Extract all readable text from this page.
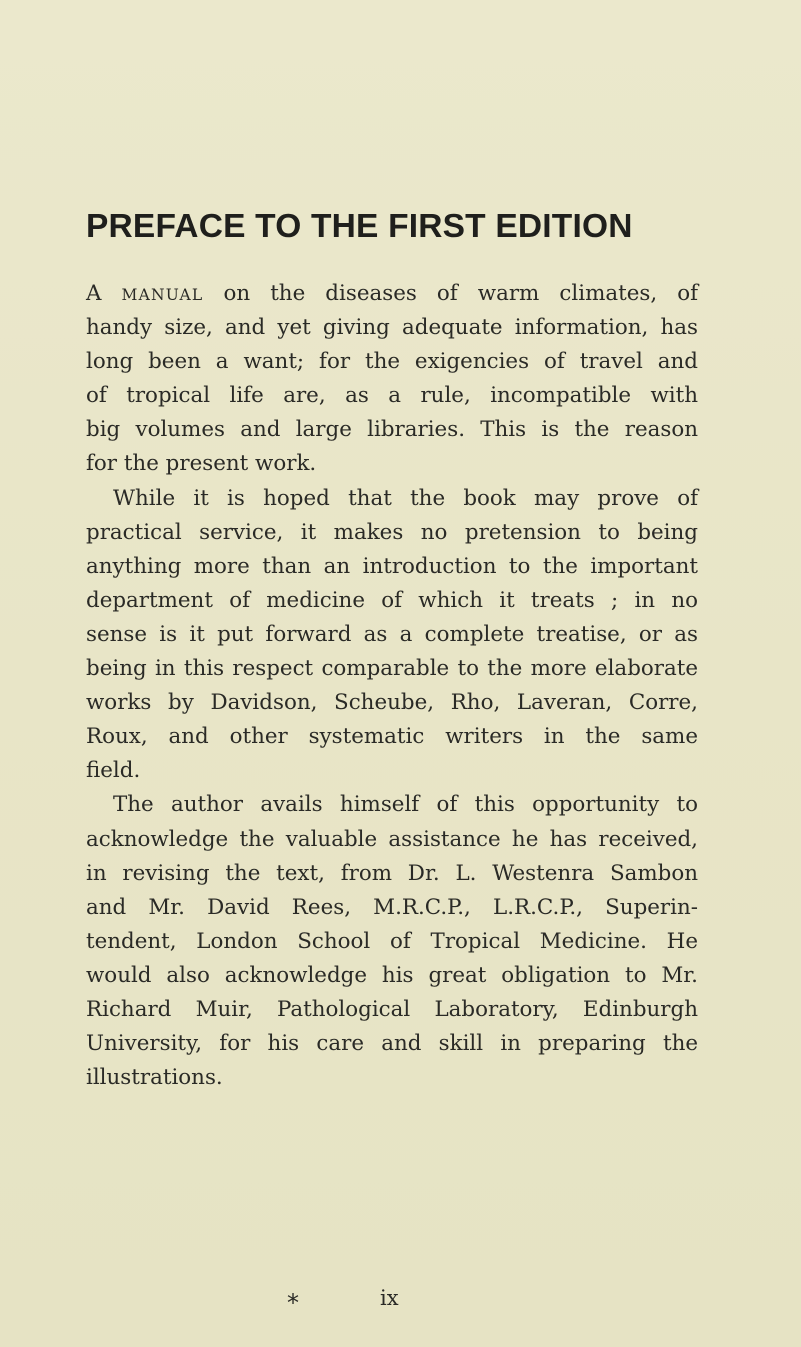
PREFACE TO THE FIRST EDITION
A MANUAL on the diseases of warm climates, of
handy size, and yet giving adequate information, has
long been a want; for the exigencies of travel and
of tropical life are, as a rule, incompatible with
big volumes and large libraries. This is the reason
for the present work.
While it is hoped that the book may prove of
practical service, it makes no pretension to being
anything more than an introduction to the important
department of medicine of which it treats ; in no
sense is it put forward as a complete treatise, or as
being in this respect comparable to the more elaborate
works by Davidson, Scheube, Rho, Laveran, Corre,
Roux, and other systematic writers in the same
field.
The author avails himself of this opportunity to
acknowledge the valuable assistance he has received,
in revising the text, from Dr. L. Westenra Sambon
and Mr. David Rees, M.R.C.P., L.R.C.P., Superin-
tendent, London School of Tropical Medicine. He
would also acknowledge his great obligation to Mr.
Richard Muir, Pathological Laboratory, Edinburgh
University, for his care and skill in preparing the
illustrations.
*	ix
